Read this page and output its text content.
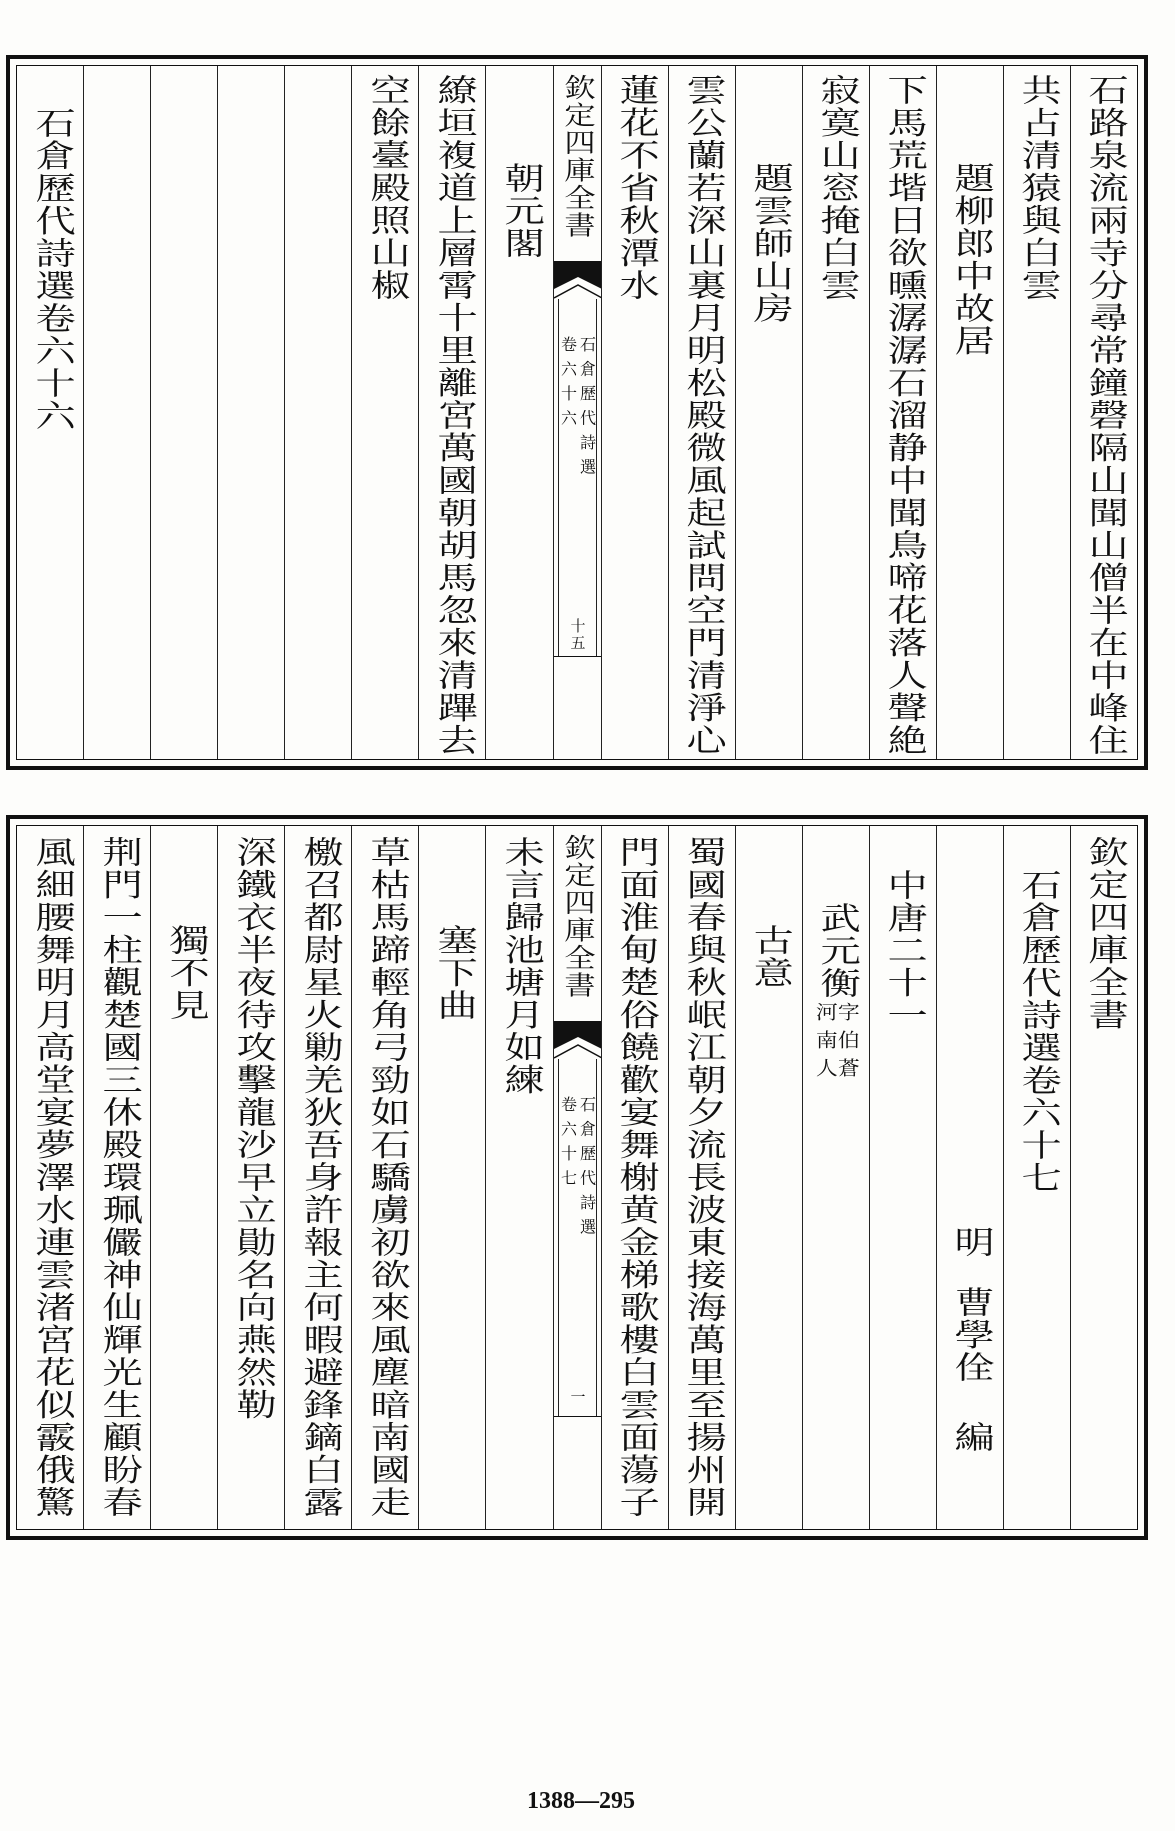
石路泉流兩寺分尋常鐘磬隔山聞山僧半在中峰住
共占清猿與白雲
題柳郎中故居
下馬荒堦日欲曛潺潺石溜静中聞鳥啼花落人聲絶
寂寞山窓掩白雲
題雲師山房
雲公蘭若深山裏月明松殿微風起試問空門清淨心
蓮花不省秋潭水
欽定四庫全書
石倉歷代詩選
卷六十六
十五
朝元閣
繚垣複道上層霄十里離宮萬國朝胡馬忽來清蹕去
空餘臺殿照山椒
石倉歷代詩選卷六十六
欽定四庫全書
石倉歷代詩選卷六十七
明
曹學佺
編
中唐二十一
武元衡
字伯蒼
河南人
古意
蜀國春與秋岷江朝夕流長波東接海萬里至揚州開
門面淮甸楚俗饒歡宴舞榭黄金梯歌樓白雲面蕩子
欽定四庫全書
石倉歷代詩選
卷六十七
一
未言歸池塘月如練
塞下曲
草枯馬蹄輕角弓勁如石驕虜初欲來風塵暗南國走
檄召都尉星火勦羌狄吾身許報主何暇避鋒鏑白露
深鐵衣半夜待攻擊龍沙早立勛名向燕然勒
獨不見
荆門一柱觀楚國三休殿環珮儼神仙輝光生顧盼春
風細腰舞明月高堂宴夢澤水連雲渚宮花似霰俄驚
1388—295
